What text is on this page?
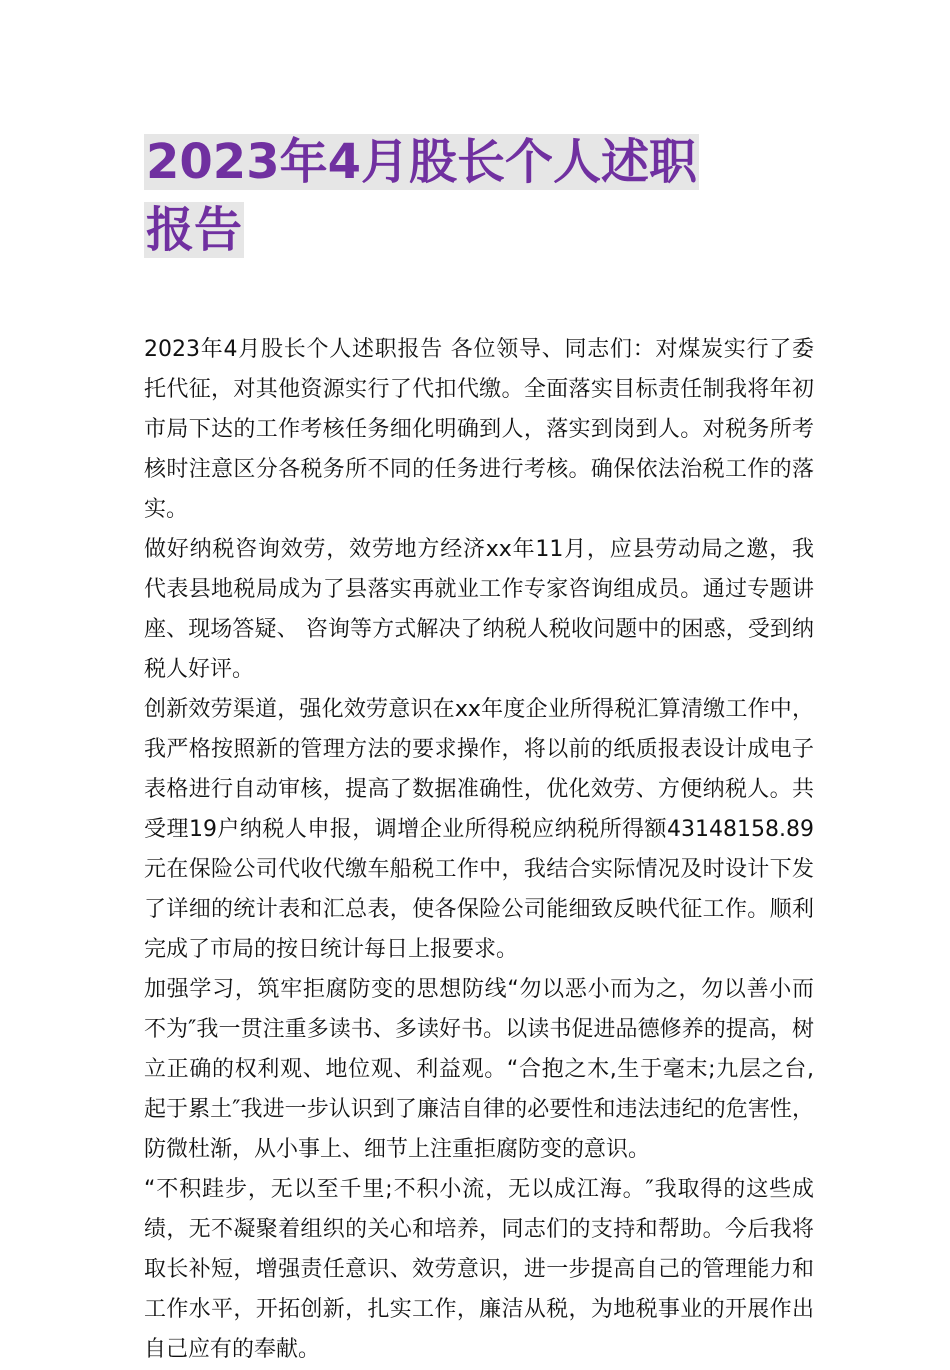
2023年4月股长个人述职
报告

2023年4月股长个人述职报告 各位领导、同志们：对煤炭实行了委托代征，对其他资源实行了代扣代缴。全面落实目标责任制我将年初市局下达的工作考核任务细化明确到人，落实到岗到人。对税务所考核时注意区分各税务所不同的任务进行考核。确保依法治税工作的落实。

做好纳税咨询效劳，效劳地方经济xx年11月，应县劳动局之邀，我代表县地税局成为了县落实再就业工作专家咨询组成员。通过专题讲座、现场答疑、 咨询等方式解决了纳税人税收问题中的困惑，受到纳税人好评。

创新效劳渠道，强化效劳意识在xx年度企业所得税汇算清缴工作中，我严格按照新的管理方法的要求操作，将以前的纸质报表设计成电子表格进行自动审核，提高了数据准确性，优化效劳、方便纳税人。共受理19户纳税人申报，调增企业所得税应纳税所得额43148158.89元在保险公司代收代缴车船税工作中，我结合实际情况及时设计下发了详细的统计表和汇总表，使各保险公司能细致反映代征工作。顺利完成了市局的按日统计每日上报要求。

加强学习，筑牢拒腐防变的思想防线“勿以恶小而为之，勿以善小而不为″我一贯注重多读书、多读好书。以读书促进品德修养的提高，树立正确的权利观、地位观、利益观。“合抱之木,生于毫末;九层之台,起于累土″我进一步认识到了廉洁自律的必要性和违法违纪的危害性，防微杜渐，从小事上、细节上注重拒腐防变的意识。

“不积跬步，无以至千里;不积小流，无以成江海。″我取得的这些成绩，无不凝聚着组织的关心和培养，同志们的支持和帮助。今后我将取长补短，增强责任意识、效劳意识，进一步提高自己的管理能力和工作水平，开拓创新，扎实工作，廉洁从税，为地税事业的开展作出自己应有的奉献。
